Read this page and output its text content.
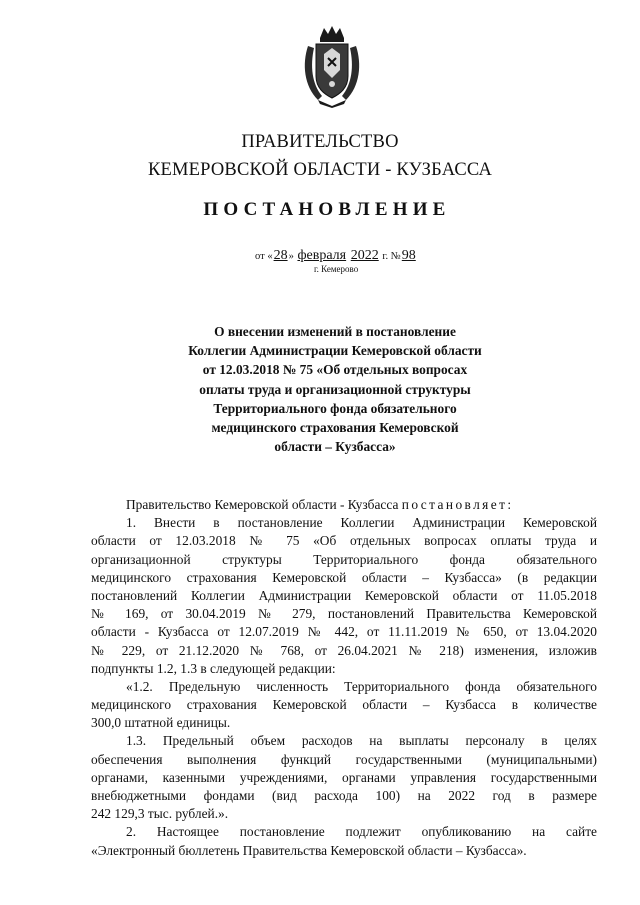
ПРАВИТЕЛЬСТВО
КЕМЕРОВСКОЙ ОБЛАСТИ - КУЗБАССА
ПОСТАНОВЛЕНИЕ
от «28» февраля 2022 г. №98
г. Кемерово
О внесении изменений в постановление
Коллегии Администрации Кемеровской области
от 12.03.2018 № 75 «Об отдельных вопросах
оплаты труда и организационной структуры
Территориального фонда обязательного
медицинского страхования Кемеровской
области – Кузбасса»
Правительство Кемеровской области - Кузбасса постановляет:
1. Внести в постановление Коллегии Администрации Кемеровской
области от 12.03.2018 № 75 «Об отдельных вопросах оплаты труда и
организационной структуры Территориального фонда обязательного
медицинского страхования Кемеровской области – Кузбасса» (в редакции
постановлений Коллегии Администрации Кемеровской области от 11.05.2018
№ 169, от 30.04.2019 № 279, постановлений Правительства Кемеровской
области - Кузбасса от 12.07.2019 № 442, от 11.11.2019 № 650, от 13.04.2020
№ 229, от 21.12.2020 № 768, от 26.04.2021 № 218) изменения, изложив
подпункты 1.2, 1.3 в следующей редакции:
«1.2. Предельную численность Территориального фонда обязательного
медицинского страхования Кемеровской области – Кузбасса в количестве
300,0 штатной единицы.
1.3. Предельный объем расходов на выплаты персоналу в целях
обеспечения выполнения функций государственными (муниципальными)
органами, казенными учреждениями, органами управления государственными
внебюджетными фондами (вид расхода 100) на 2022 год в размере
242 129,3 тыс. рублей.».
2. Настоящее постановление подлежит опубликованию на сайте
«Электронный бюллетень Правительства Кемеровской области – Кузбасса».
